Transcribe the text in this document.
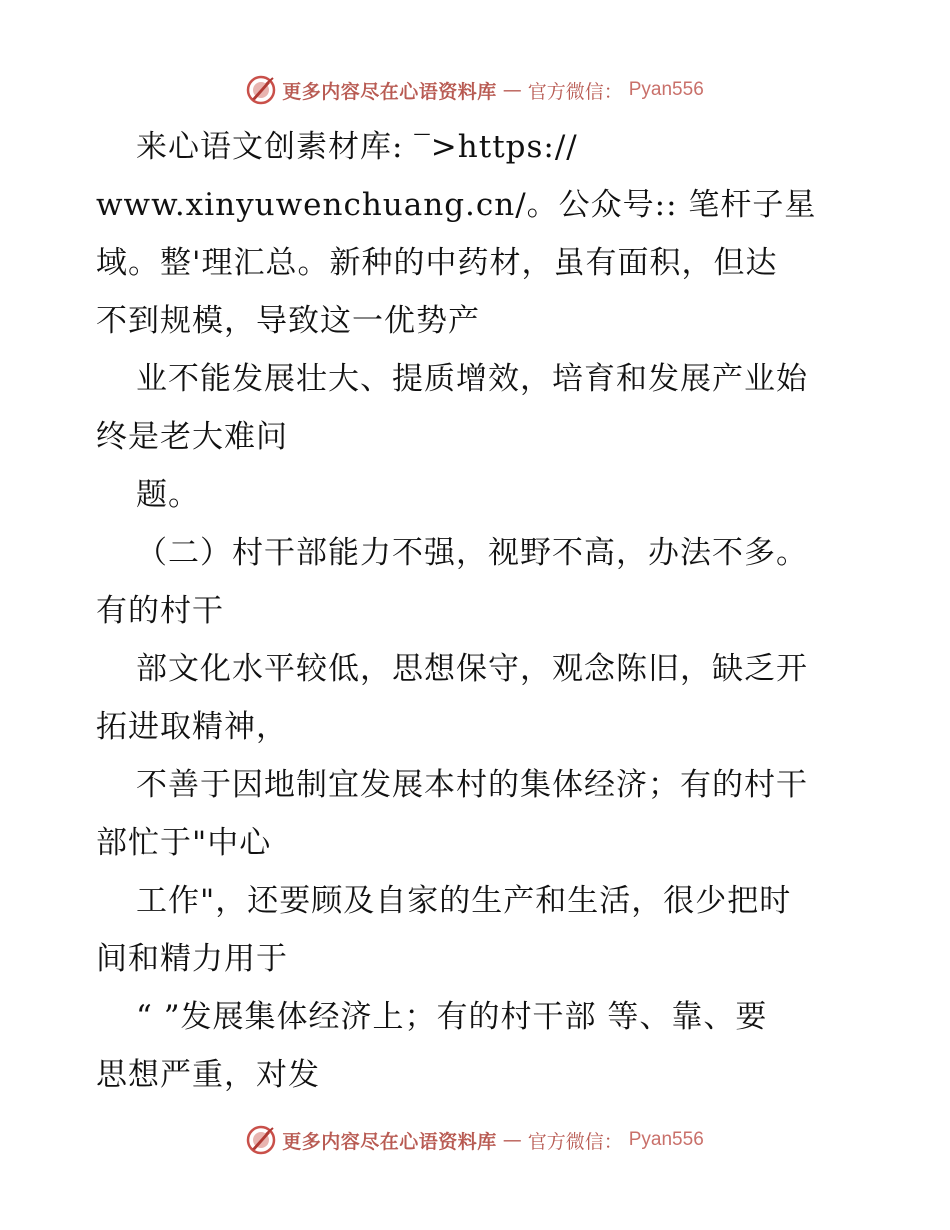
更多内容尽在心语资料库 — 官方微信： Pyan556
来心语文创素材库: ‾>https://
www.xinyuwenchuang.cn/。公众号:: 笔杆子星
域。整'理汇总。新种的中药材，虽有面积，但达
不到规模，导致这一优势产
业不能发展壮大、提质增效，培育和发展产业始
终是老大难问
题。
（二）村干部能力不强，视野不高，办法不多。
有的村干
部文化水平较低，思想保守，观念陈旧，缺乏开
拓进取精神，
不善于因地制宜发展本村的集体经济；有的村干
部忙于"中心
工作"，还要顾及自家的生产和生活，很少把时
间和精力用于
“ ”发展集体经济上；有的村干部 等、靠、要
思想严重，对发
更多内容尽在心语资料库 — 官方微信： Pyan556
